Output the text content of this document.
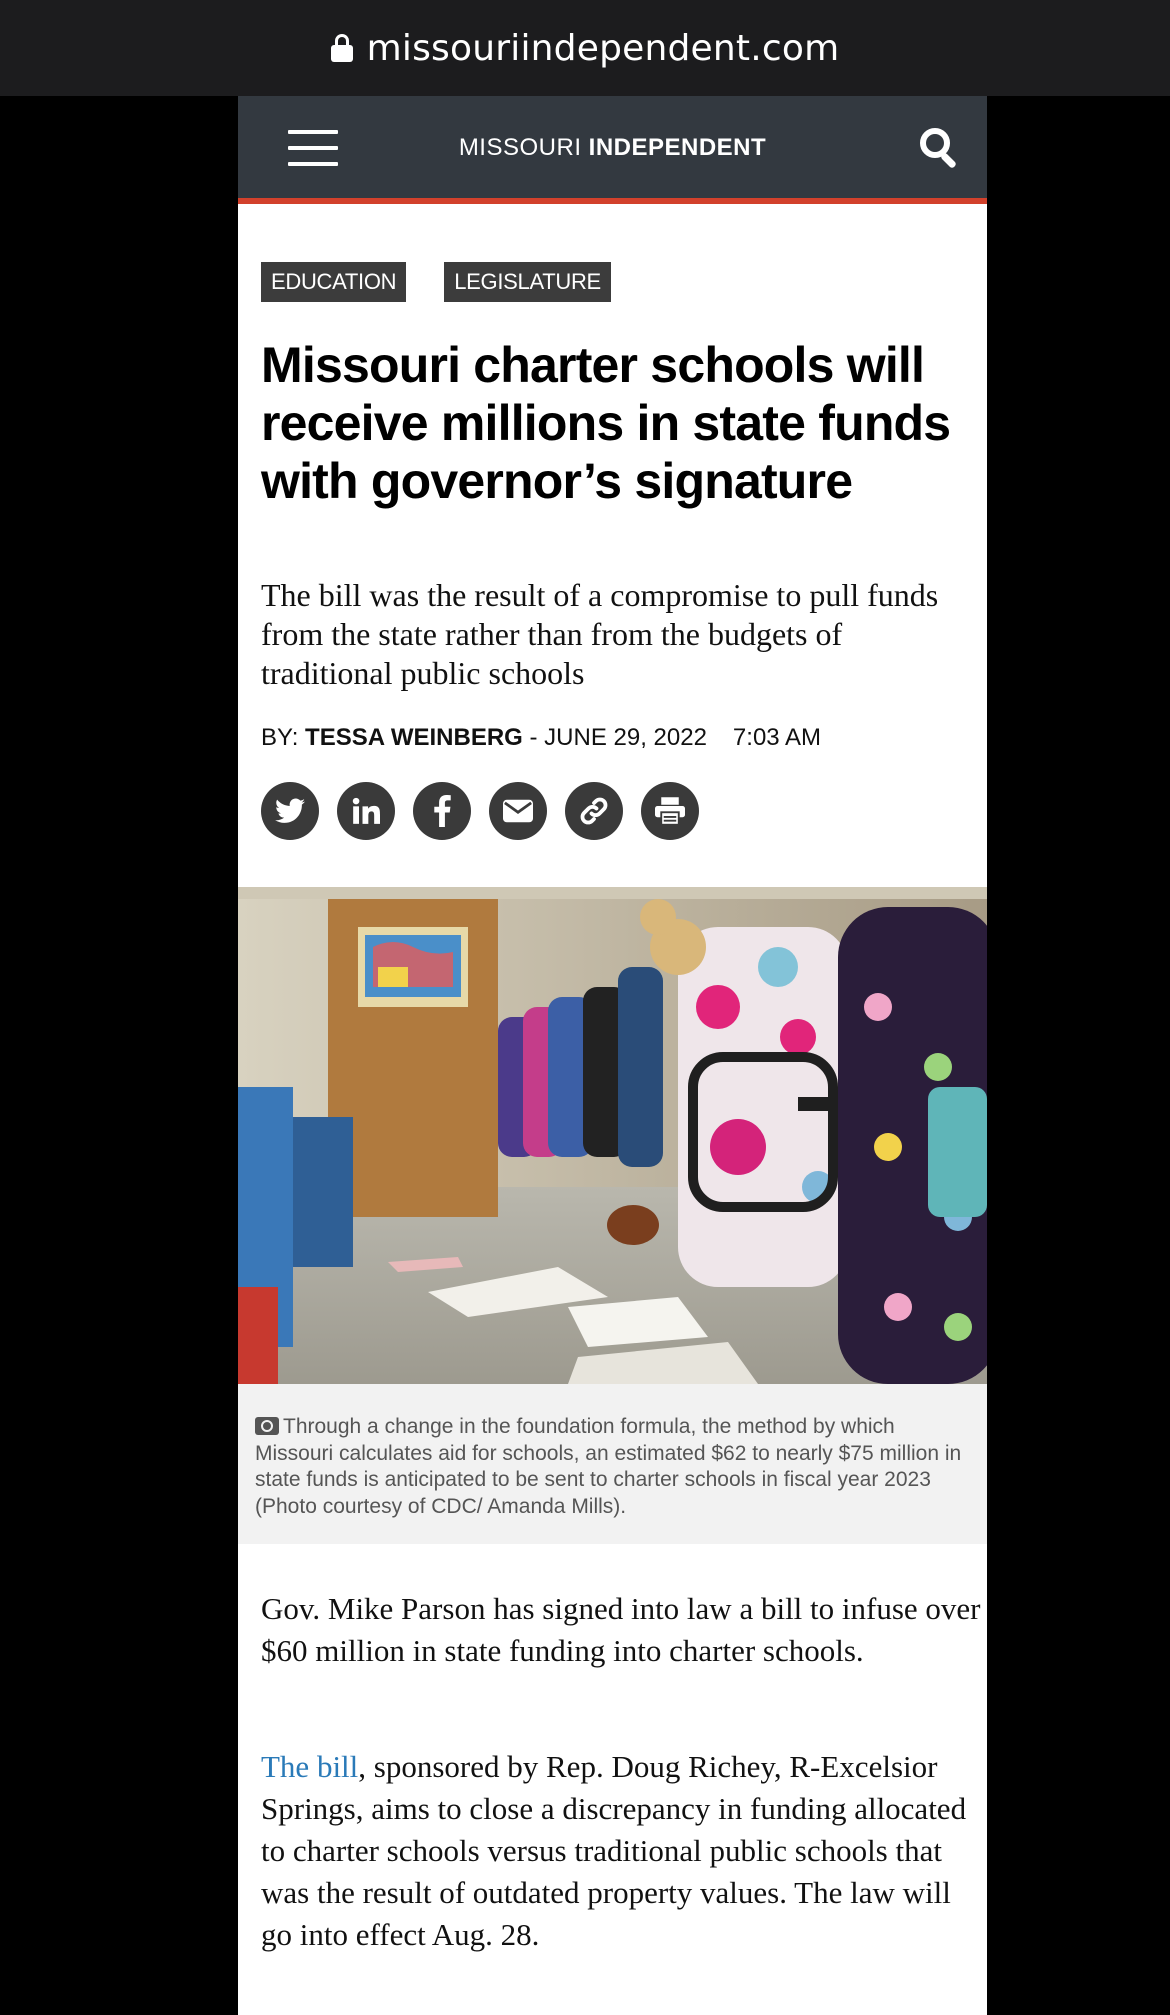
missouriindependent.com
MISSOURI INDEPENDENT
EDUCATION	LEGISLATURE
Missouri charter schools will receive millions in state funds with governor’s signature

The bill was the result of a compromise to pull funds from the state rather than from the budgets of traditional public schools

BY: TESSA WEINBERG - JUNE 29, 2022 7:03 AM

Through a change in the foundation formula, the method by which Missouri calculates aid for schools, an estimated $62 to nearly $75 million in state funds is anticipated to be sent to charter schools in fiscal year 2023 (Photo courtesy of CDC/ Amanda Mills).

Gov. Mike Parson has signed into law a bill to infuse over $60 million in state funding into charter schools.

The bill, sponsored by Rep. Doug Richey, R-Excelsior Springs, aims to close a discrepancy in funding allocated to charter schools versus traditional public schools that was the result of outdated property values. The law will go into effect Aug. 28.
